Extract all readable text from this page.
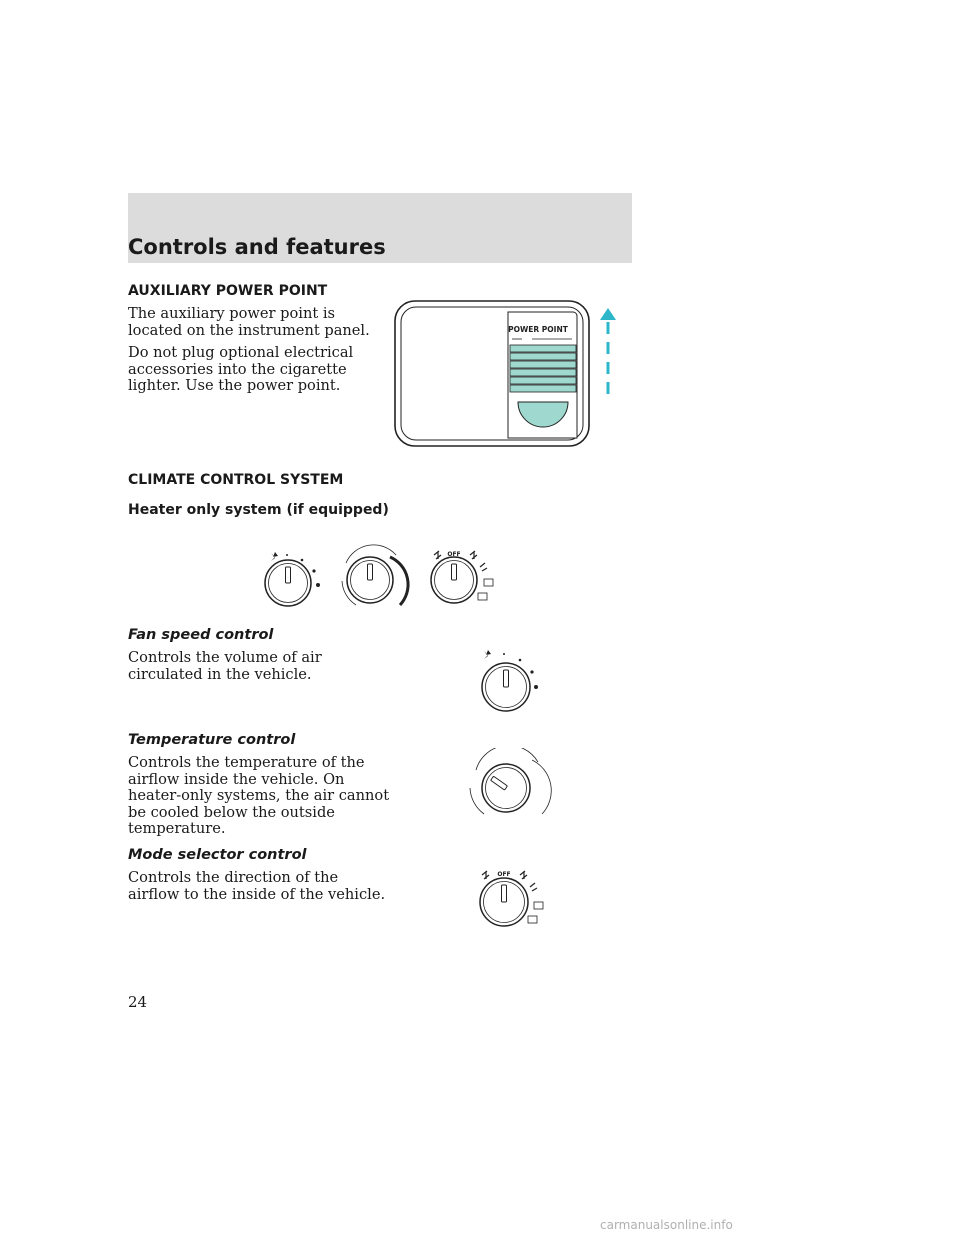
Controls and features

AUXILIARY POWER POINT

The auxiliary power point is located on the instrument panel.

Do not plug optional electrical accessories into the cigarette lighter. Use the power point.

POWER POINT

CLIMATE CONTROL SYSTEM

Heater only system (if equipped)

OFF

Fan speed control

Controls the volume of air circulated in the vehicle.

Temperature control

Controls the temperature of the airflow inside the vehicle. On heater-only systems, the air cannot be cooled below the outside temperature.

Mode selector control

Controls the direction of the airflow to the inside of the vehicle.

OFF

24

carmanualsonline.info
